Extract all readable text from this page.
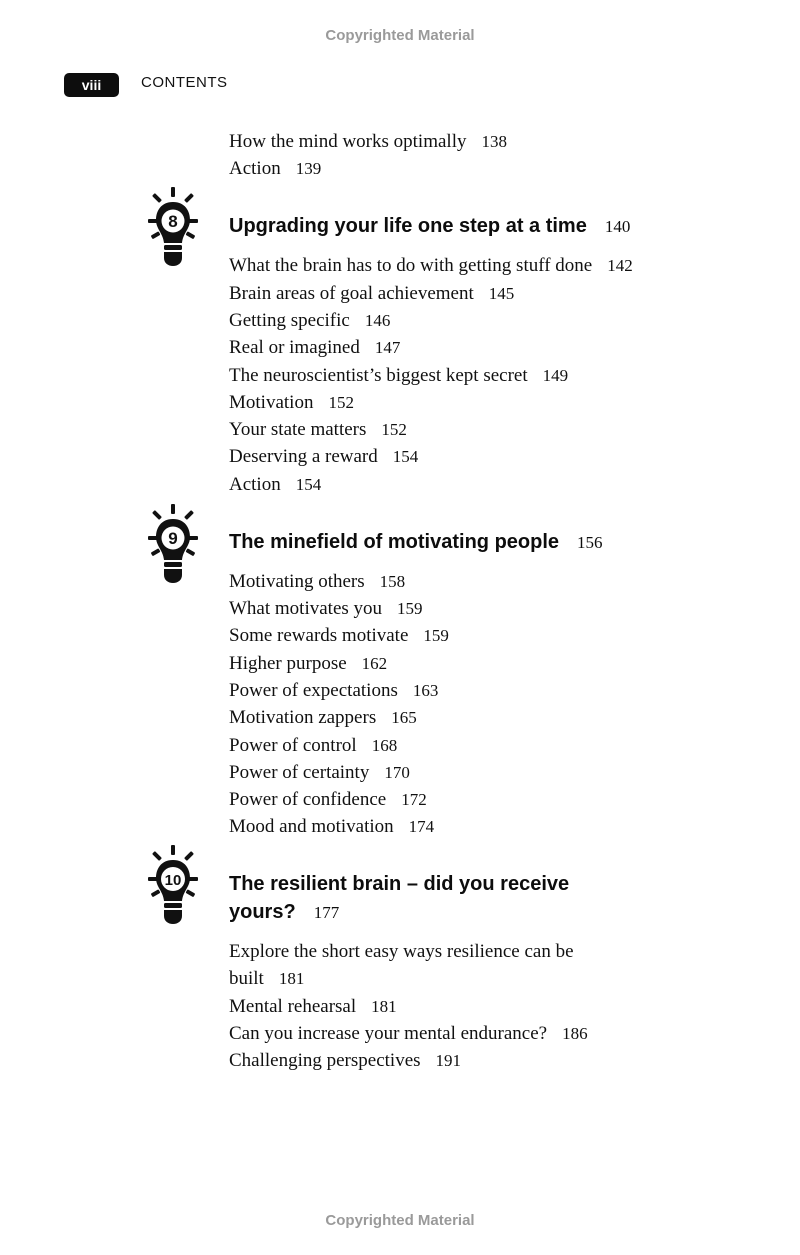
Copyrighted Material
Copyrighted Material
viii	CONTENTS
How the mind works optimally 138
Action 139
8	Upgrading your life one step at a time 140
What the brain has to do with getting stuff done 142
Brain areas of goal achievement 145
Getting specific 146
Real or imagined 147
The neuroscientist’s biggest kept secret 149
Motivation 152
Your state matters 152
Deserving a reward 154
Action 154
9	The minefield of motivating people 156
Motivating others 158
What motivates you 159
Some rewards motivate 159
Higher purpose 162
Power of expectations 163
Motivation zappers 165
Power of control 168
Power of certainty 170
Power of confidence 172
Mood and motivation 174
10 The resilient brain – did you receive
yours? 177
Explore the short easy ways resilience can be
built 181
Mental rehearsal 181
Can you increase your mental endurance? 186
Challenging perspectives 191
